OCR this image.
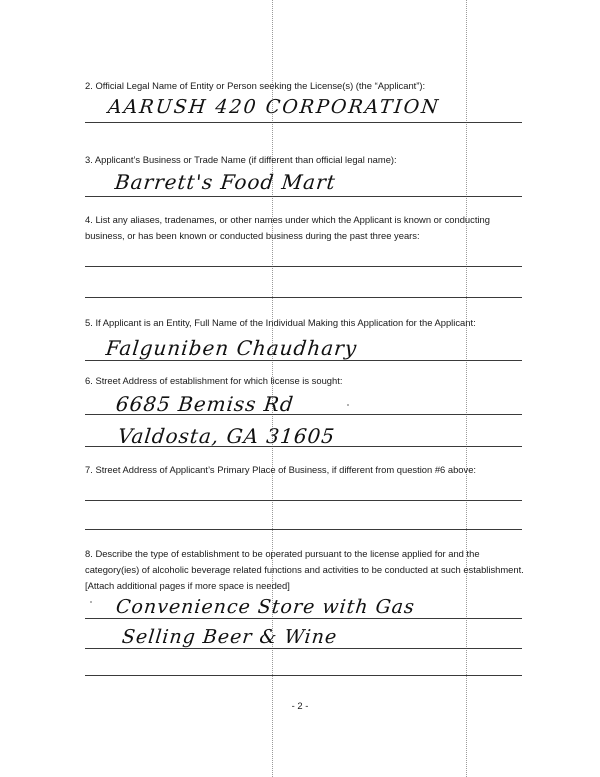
2. Official Legal Name of Entity or Person seeking the License(s) (the “Applicant”):

AARUSH 420 CORPORATION

3. Applicant’s Business or Trade Name (if different than official legal name):

Barrett's Food Mart

4. List any aliases, tradenames, or other names under which the Applicant is known or conducting business, or has been known or conducted business during the past three years:

5. If Applicant is an Entity, Full Name of the Individual Making this Application for the Applicant:

Falguniben Chaudhary

6. Street Address of establishment for which license is sought:

6685 Bemiss Rd
Valdosta, GA 31605

7. Street Address of Applicant’s Primary Place of Business, if different from question #6 above:

8. Describe the type of establishment to be operated pursuant to the license applied for and the category(ies) of alcoholic beverage related functions and activities to be conducted at such establishment. [Attach additional pages if more space is needed]

Convenience Store with Gas
Selling Beer & Wine
- 2 -
